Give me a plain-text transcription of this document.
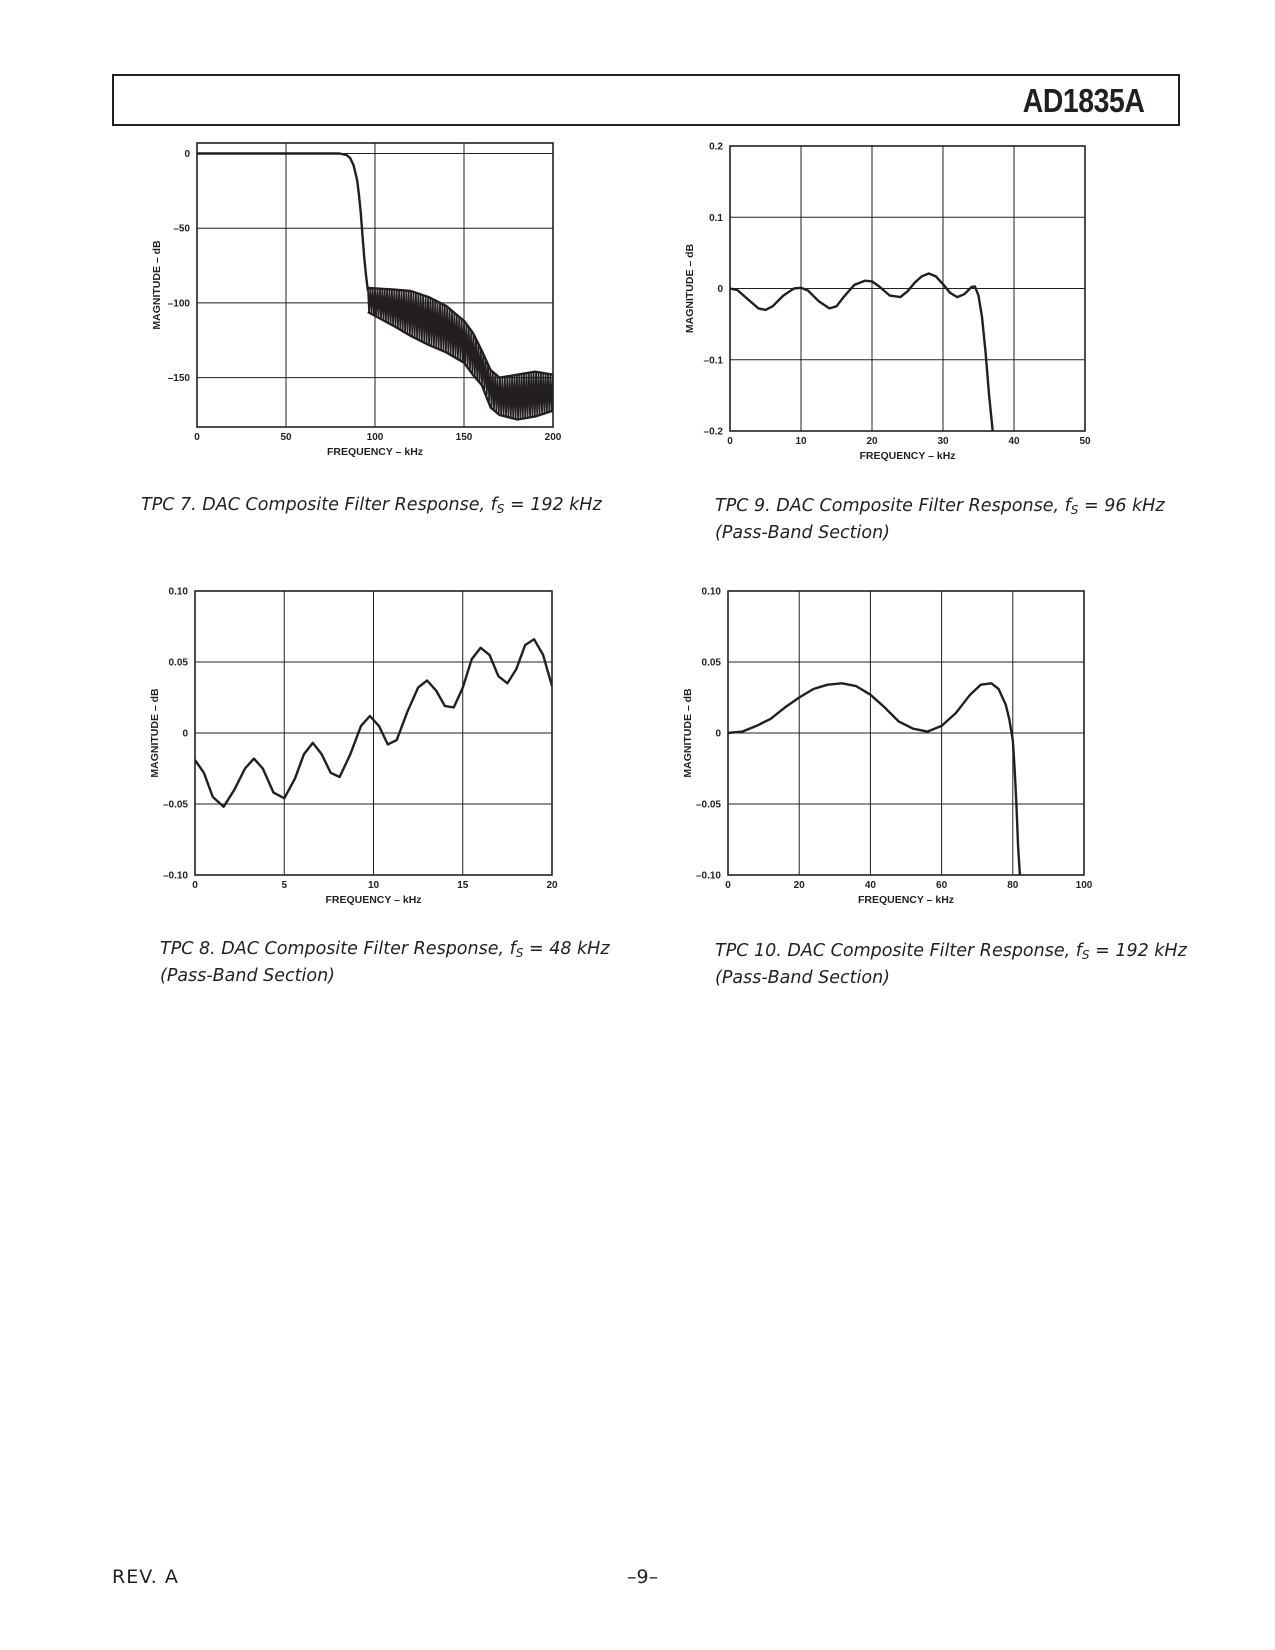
AD1835A
0	50	100	150	200
0
–50
–100
–150
FREQUENCY – kHz
MAGNITUDE – dB
TPC 7. DAC Composite Filter Response, $f_S = 192$ kHz
0	10	20	30	40	50
0.2
0.1
0
–0.1
–0.2
FREQUENCY – kHz
MAGNITUDE – dB
TPC 9. DAC Composite Filter Response, $f_S = 96$ kHz
(Pass-Band Section)
0	5	10	15	20
0.10
0.05
0
–0.05
–0.10
FREQUENCY – kHz
MAGNITUDE – dB
TPC 8. DAC Composite Filter Response, $f_S = 48$ kHz
(Pass-Band Section)
0	20	40	60	80	100
0.10
0.05
0
–0.05
–0.10
FREQUENCY – kHz
MAGNITUDE – dB
TPC 10. DAC Composite Filter Response, $f_S = 192$ kHz
(Pass-Band Section)
REV. A	–9–
